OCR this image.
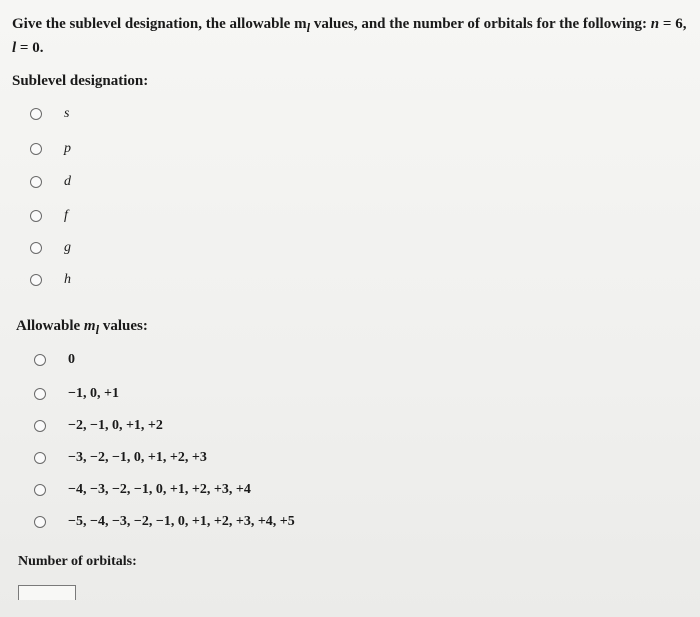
Give the sublevel designation, the allowable $m_l$ values, and the number of orbitals for the following: n = 6, l = 0.
Sublevel designation:
s
p
d
f
g
h
Allowable $m_l$ values:
0
−1, 0, +1
−2, −1, 0, +1, +2
−3, −2, −1, 0, +1, +2, +3
−4, −3, −2, −1, 0, +1, +2, +3, +4
−5, −4, −3, −2, −1, 0, +1, +2, +3, +4, +5
Number of orbitals:
